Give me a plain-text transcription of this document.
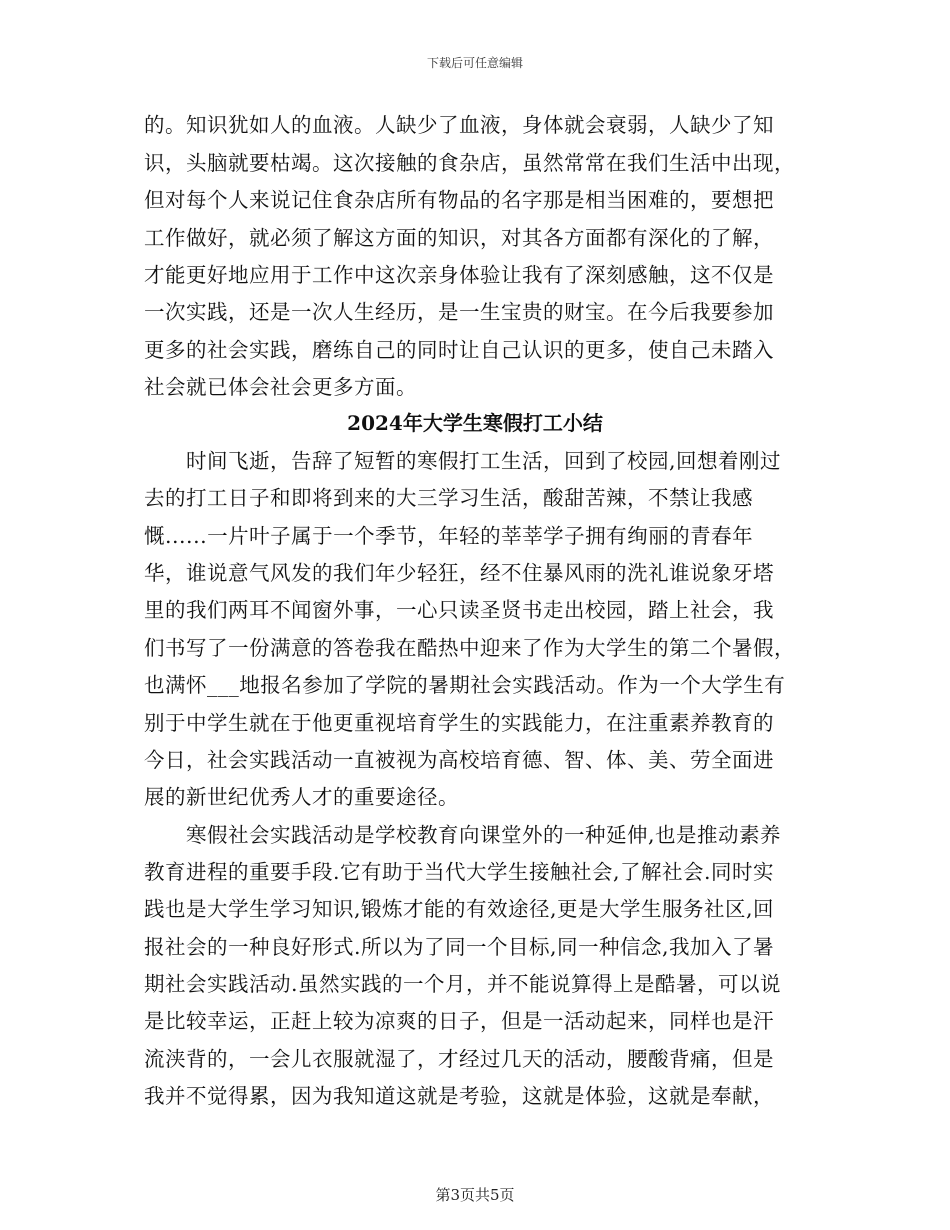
下载后可任意编辑
的。知识犹如人的血液。人缺少了血液，身体就会衰弱，人缺少了知
识，头脑就要枯竭。这次接触的食杂店，虽然常常在我们生活中出现，
但对每个人来说记住食杂店所有物品的名字那是相当困难的，要想把
工作做好，就必须了解这方面的知识，对其各方面都有深化的了解，
才能更好地应用于工作中这次亲身体验让我有了深刻感触，这不仅是
一次实践，还是一次人生经历，是一生宝贵的财宝。在今后我要参加
更多的社会实践，磨练自己的同时让自己认识的更多，使自己未踏入
社会就已体会社会更多方面。
2024年大学生寒假打工小结
时间飞逝，告辞了短暂的寒假打工生活，回到了校园,回想着刚过
去的打工日子和即将到来的大三学习生活，酸甜苦辣，不禁让我感
慨......一片叶子属于一个季节，年轻的莘莘学子拥有绚丽的青春年
华，谁说意气风发的我们年少轻狂，经不住暴风雨的洗礼谁说象牙塔
里的我们两耳不闻窗外事，一心只读圣贤书走出校园，踏上社会，我
们书写了一份满意的答卷我在酷热中迎来了作为大学生的第二个暑假，
也满怀___地报名参加了学院的暑期社会实践活动。作为一个大学生有
别于中学生就在于他更重视培育学生的实践能力，在注重素养教育的
今日，社会实践活动一直被视为高校培育德、智、体、美、劳全面进
展的新世纪优秀人才的重要途径。
寒假社会实践活动是学校教育向课堂外的一种延伸,也是推动素养
教育进程的重要手段.它有助于当代大学生接触社会,了解社会.同时实
践也是大学生学习知识,锻炼才能的有效途径,更是大学生服务社区,回
报社会的一种良好形式.所以为了同一个目标,同一种信念,我加入了暑
期社会实践活动.虽然实践的一个月，并不能说算得上是酷暑，可以说
是比较幸运，正赶上较为凉爽的日子，但是一活动起来，同样也是汗
流浃背的，一会儿衣服就湿了，才经过几天的活动，腰酸背痛，但是
我并不觉得累，因为我知道这就是考验，这就是体验，这就是奉献，
第3页共5页
